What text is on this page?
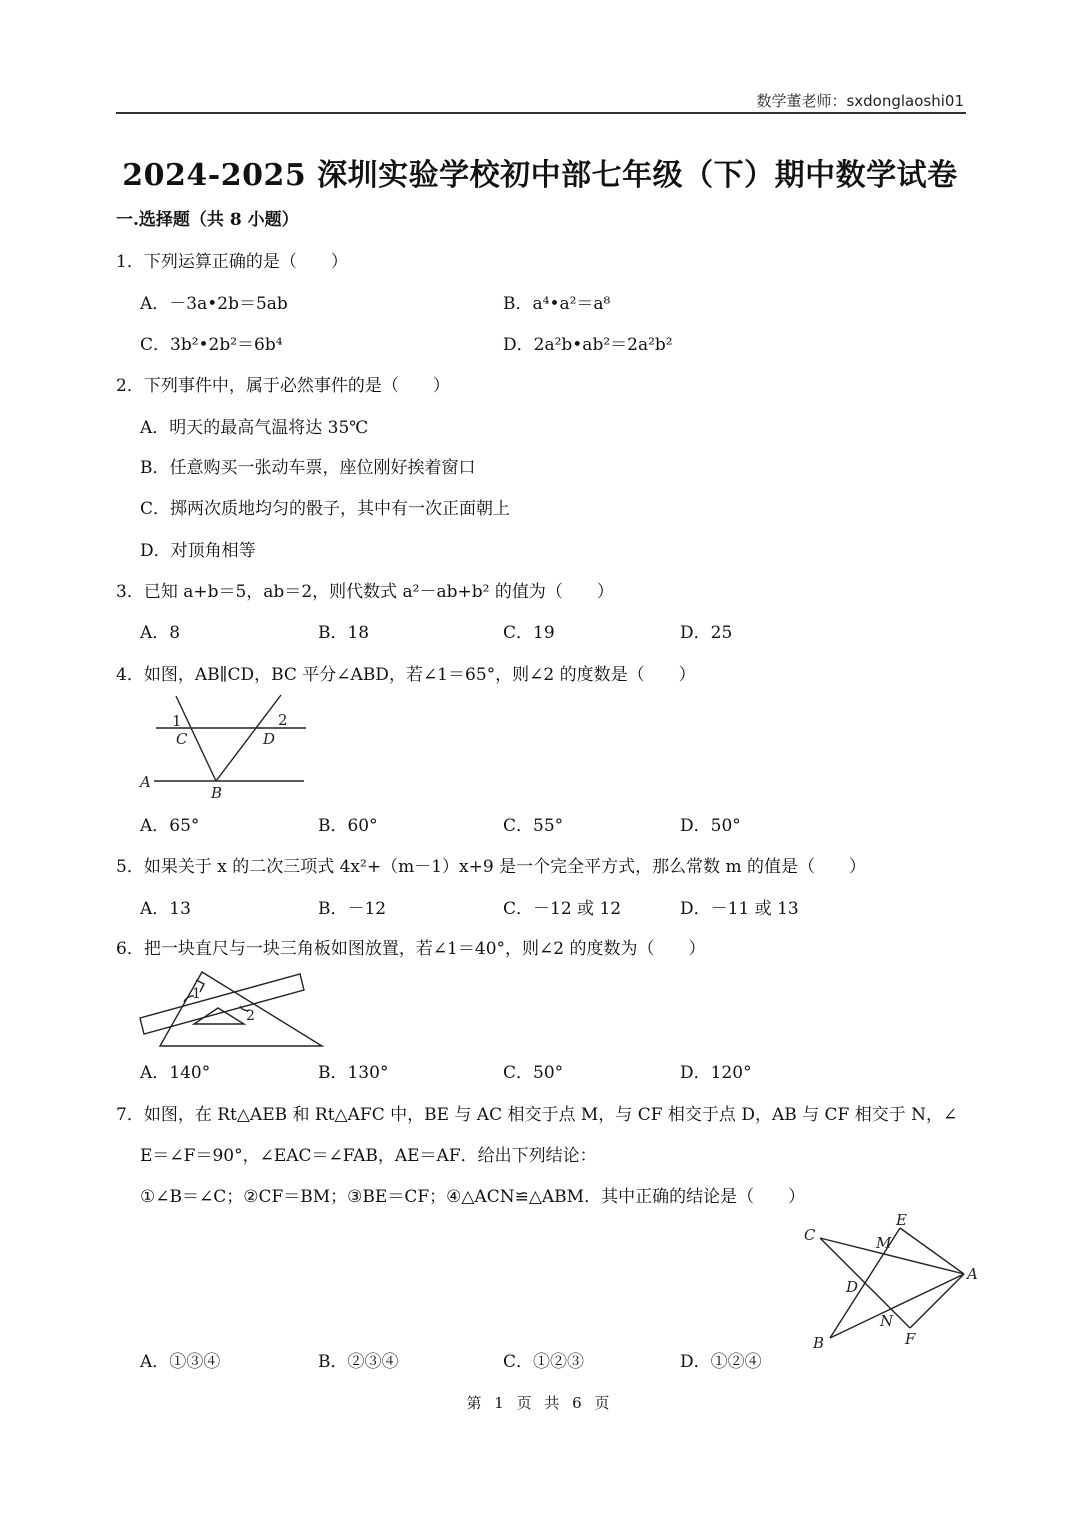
数学董老师：sxdonglaoshi01
2024-2025 深圳实验学校初中部七年级（下）期中数学试卷
一.选择题（共 8 小题）
1．下列运算正确的是（　　）
A．－3a•2b＝5ab	B．a⁴•a²＝a⁸
C．3b²•2b²＝6b⁴	D．2a²b•ab²＝2a²b²
2．下列事件中，属于必然事件的是（　　）
A．明天的最高气温将达 35℃
B．任意购买一张动车票，座位刚好挨着窗口
C．掷两次质地均匀的骰子，其中有一次正面朝上
D．对顶角相等
3．已知 a+b＝5，ab＝2，则代数式 a²－ab+b² 的值为（　　）
A．8	B．18	C．19	D．25
4．如图，AB∥CD，BC 平分∠ABD，若∠1＝65°，则∠2 的度数是（　　）
1	2
C	D
A
B
A．65°	B．60°	C．55°	D．50°
5．如果关于 x 的二次三项式 4x²+（m－1）x+9 是一个完全平方式，那么常数 m 的值是（　　）
A．13	B．－12	C．－12 或 12	D．－11 或 13
6．把一块直尺与一块三角板如图放置，若∠1＝40°，则∠2 的度数为（　　）
1
2
A．140°	B．130°	C．50°	D．120°
7．如图，在 Rt△AEB 和 Rt△AFC 中，BE 与 AC 相交于点 M，与 CF 相交于点 D，AB 与 CF 相交于 N，∠
E＝∠F＝90°，∠EAC＝∠FAB，AE＝AF．给出下列结论：
①∠B＝∠C；②CF＝BM；③BE＝CF；④△ACN≌△ABM．其中正确的结论是（　　）
C
E
M
A
D
N
B	F
A．①③④	B．②③④	C．①②③	D．①②④
第 1 页 共 6 页
